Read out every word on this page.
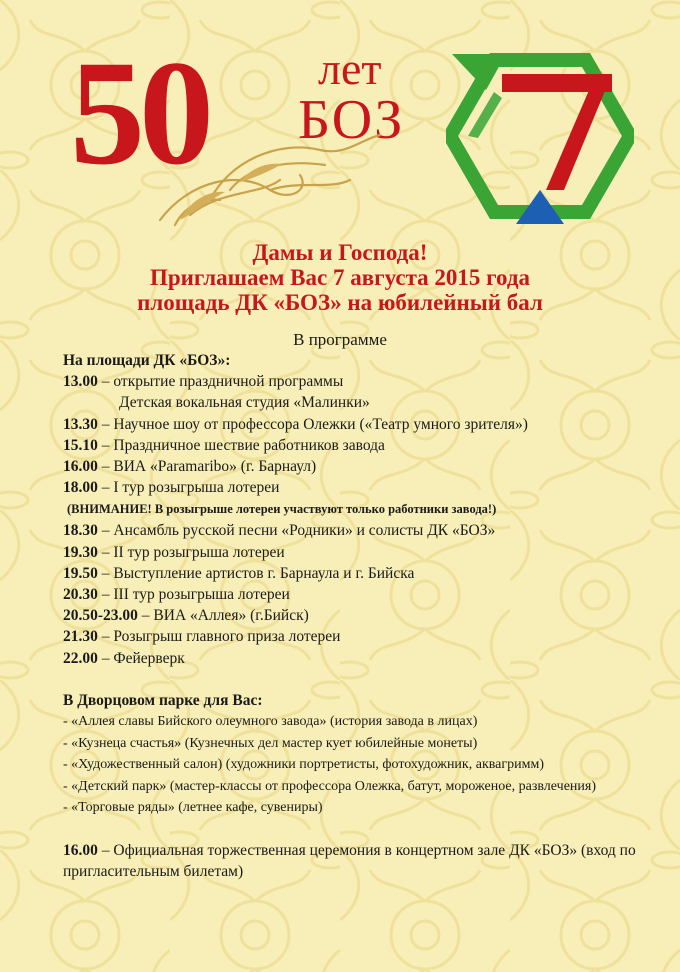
50 лет
БОЗ
Дамы и Господа!
Приглашаем Вас 7 августа 2015 года
площадь ДК «БОЗ» на юбилейный бал
В программе
На площади ДК «БОЗ»:
13.00 – открытие праздничной программы
Детская вокальная студия «Малинки»
13.30 – Научное шоу от профессора Олежки («Театр умного зрителя»)
15.10 – Праздничное шествие работников завода
16.00 – ВИА «Paramaribo» (г. Барнаул)
18.00 – I тур розыгрыша лотереи
(ВНИМАНИЕ! В розыгрыше лотереи участвуют только работники завода!)
18.30 – Ансамбль русской песни «Родники» и солисты ДК «БОЗ»
19.30 – II тур розыгрыша лотереи
19.50 – Выступление артистов г. Барнаула и г. Бийска
20.30 – III тур розыгрыша лотереи
20.50-23.00 – ВИА «Аллея» (г.Бийск)
21.30 – Розыгрыш главного приза лотереи
22.00 – Фейерверк
В Дворцовом парке для Вас:
- «Аллея славы Бийского олеумного завода» (история завода в лицах)
- «Кузнеца счастья» (Кузнечных дел мастер кует юбилейные монеты)
- «Художественный салон) (художники портретисты, фотохудожник, аквагримм)
- «Детский парк» (мастер-классы от профессора Олежка, батут, мороженое, развлечения)
- «Торговые ряды» (летнее кафе, сувениры)
16.00 – Официальная торжественная церемония в концертном зале ДК «БОЗ» (вход по пригласительным билетам)
